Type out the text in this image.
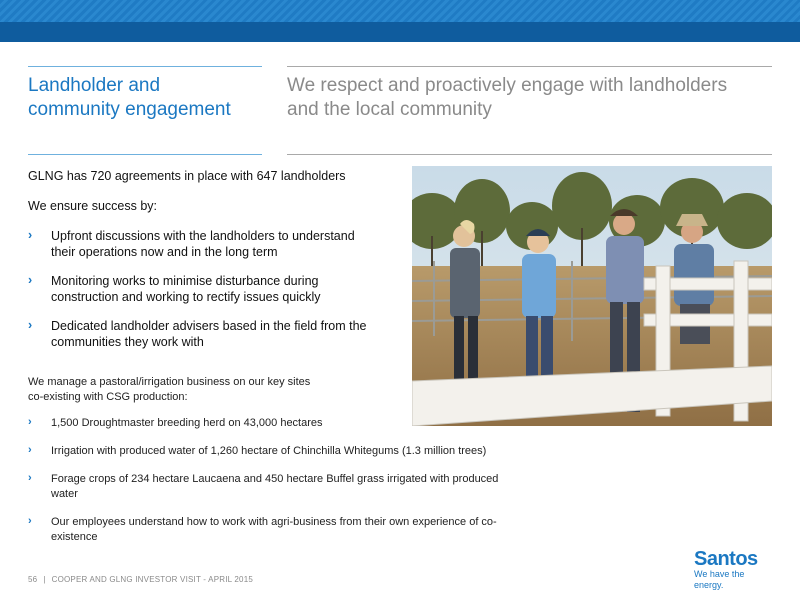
Landholder and
community engagement
We respect and proactively engage with landholders
and the local community
GLNG has 720 agreements in place with 647 landholders
We ensure success by:
› Upfront discussions with the landholders to understand
their operations now and in the long term
› Monitoring works to minimise disturbance during
construction and working to rectify issues quickly
› Dedicated landholder advisers based in the field from the
communities they work with
We manage a pastoral/irrigation business on our key sites
co-existing with CSG production:
› 1,500 Droughtmaster breeding herd on 43,000 hectares
› Irrigation with produced water of 1,260 hectare of Chinchilla Whitegums (1.3 million trees)
› Forage crops of 234 hectare Laucaena and 450 hectare Buffel grass irrigated with produced
water
› Our employees understand how to work with agri-business from their own experience of co-
existence
56 | COOPER AND GLNG INVESTOR VISIT - APRIL 2015
Santos
We have the energy.
